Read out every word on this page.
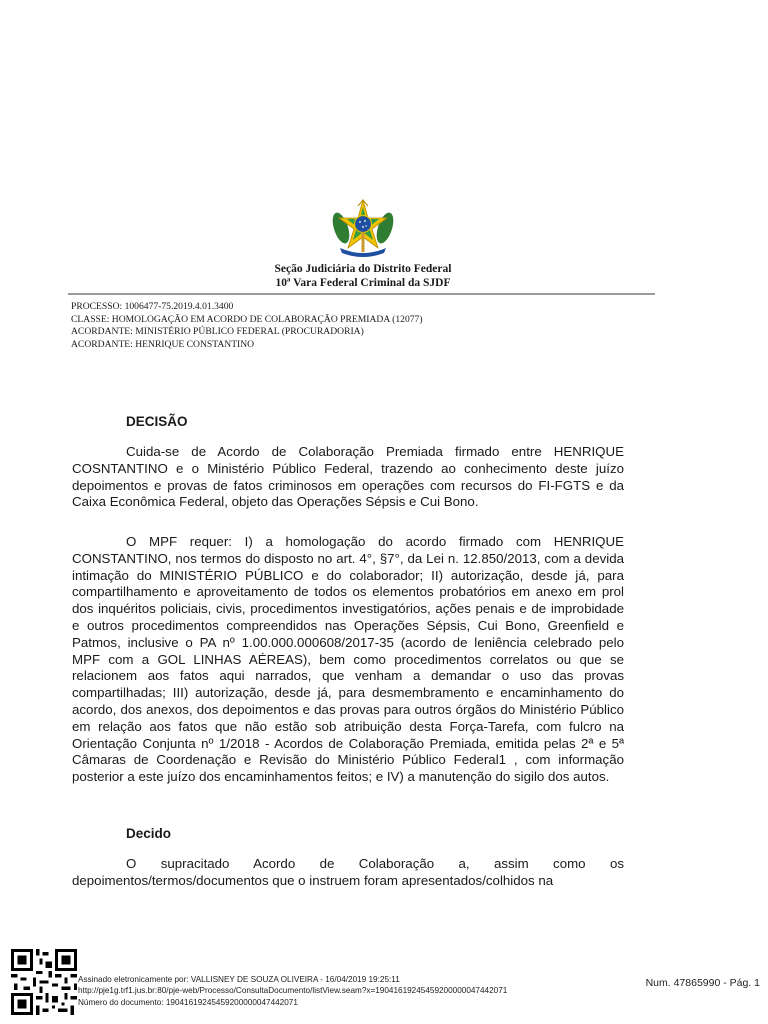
Seção Judiciária do Distrito Federal
10ª Vara Federal Criminal da SJDF
PROCESSO: 1006477-75.2019.4.01.3400
CLASSE: HOMOLOGAÇÃO EM ACORDO DE COLABORAÇÃO PREMIADA (12077)
ACORDANTE: MINISTÉRIO PÚBLICO FEDERAL (PROCURADORIA)
ACORDANTE: HENRIQUE CONSTANTINO
DECISÃO

Cuida-se de Acordo de Colaboração Premiada firmado entre HENRIQUE COSNTANTINO e o Ministério Público Federal, trazendo ao conhecimento deste juízo depoimentos e provas de fatos criminosos em operações com recursos do FI-FGTS e da Caixa Econômica Federal, objeto das Operações Sépsis e Cui Bono.

O MPF requer: I) a homologação do acordo firmado com HENRIQUE CONSTANTINO, nos termos do disposto no art. 4°, §7°, da Lei n. 12.850/2013, com a devida intimação do MINISTÉRIO PÚBLICO e do colaborador; II) autorização, desde já, para compartilhamento e aproveitamento de todos os elementos probatórios em anexo em prol dos inquéritos policiais, civis, procedimentos investigatórios, ações penais e de improbidade e outros procedimentos compreendidos nas Operações Sépsis, Cui Bono, Greenfield e Patmos, inclusive o PA nº 1.00.000.000608/2017-35 (acordo de leniência celebrado pelo MPF com a GOL LINHAS AÉREAS), bem como procedimentos correlatos ou que se relacionem aos fatos aqui narrados, que venham a demandar o uso das provas compartilhadas; III) autorização, desde já, para desmembramento e encaminhamento do acordo, dos anexos, dos depoimentos e das provas para outros órgãos do Ministério Público em relação aos fatos que não estão sob atribuição desta Força-Tarefa, com fulcro na Orientação Conjunta nº 1/2018 - Acordos de Colaboração Premiada, emitida pelas 2ª e 5ª Câmaras de Coordenação e Revisão do Ministério Público Federal1 , com informação posterior a este juízo dos encaminhamentos feitos; e IV) a manutenção do sigilo dos autos.

Decido

O supracitado Acordo de Colaboração a, assim como os depoimentos/termos/documentos que o instruem foram apresentados/colhidos na

Assinado eletronicamente por: VALLISNEY DE SOUZA OLIVEIRA - 16/04/2019 19:25:11
http://pje1g.trf1.jus.br:80/pje-web/Processo/ConsultaDocumento/listView.seam?x=19041619245459200000047442071
Número do documento: 19041619245459200000047442071
Num. 47865990 - Pág. 1
